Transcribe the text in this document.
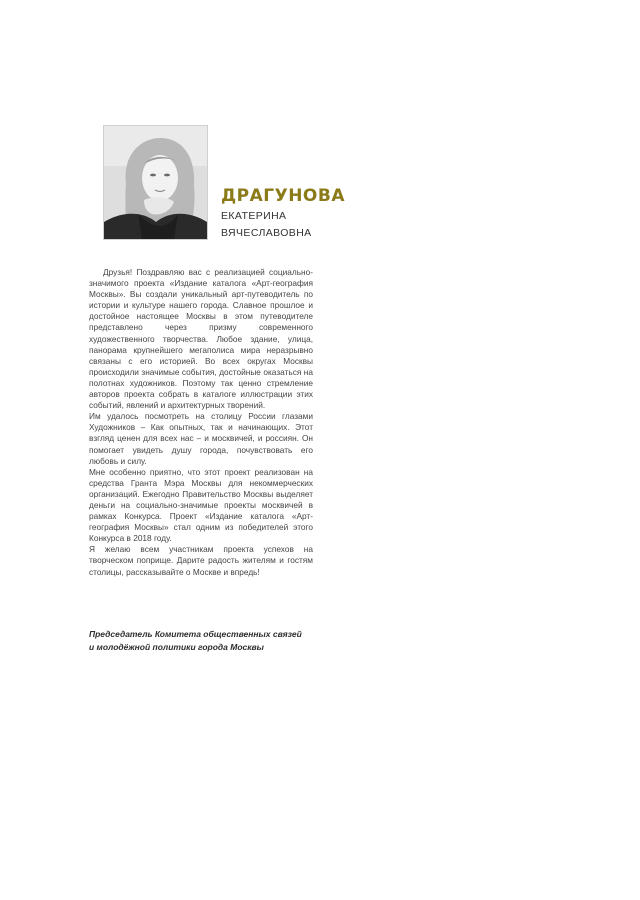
ДРАГУНОВА
ЕКАТЕРИНА
ВЯЧЕСЛАВОВНА

Друзья! Поздравляю вас с реализацией социально-значимого проекта «Издание каталога «Арт-география Москвы». Вы создали уникальный арт-путеводитель по истории и культуре нашего города. Славное прошлое и достойное настоящее Москвы в этом путеводителе представлено через призму современного художественного творчества. Любое здание, улица, панорама крупнейшего мегаполиса мира неразрывно связаны с его историей. Во всех округах Москвы происходили значимые события, достойные оказаться на полотнах художников. Поэтому так ценно стремление авторов проекта собрать в каталоге иллюстрации этих событий, явлений и архитектурных творений.

Им удалось посмотреть на столицу России глазами Художников – Как опытных, так и начинающих. Этот взгляд ценен для всех нас – и москвичей, и россиян. Он помогает увидеть душу города, почувствовать его любовь и силу.

Мне особенно приятно, что этот проект реализован на средства Гранта Мэра Москвы для некоммерческих организаций. Ежегодно Правительство Москвы выделяет деньги на социально-значимые проекты москвичей в рамках Конкурса. Проект «Издание каталога «Арт-география Москвы» стал одним из победителей этого Конкурса в 2018 году.

Я желаю всем участникам проекта успехов на творческом поприще. Дарите радость жителям и гостям столицы, рассказывайте о Москве и впредь!

Председатель Комитета общественных связей
и молодёжной политики города Москвы
